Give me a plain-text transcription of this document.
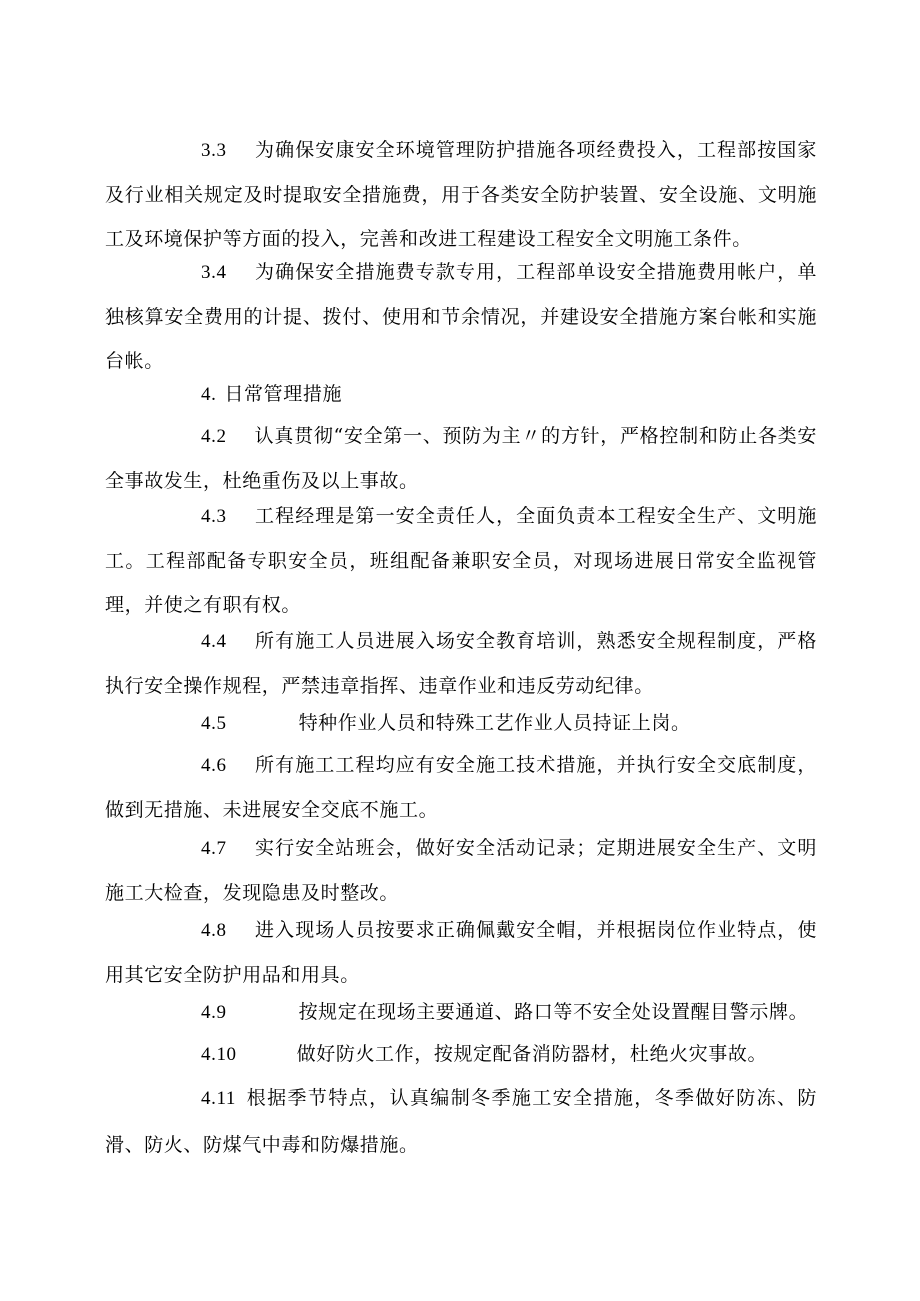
3.3 为确保安康安全环境管理防护措施各项经费投入，工程部按国家及行业相关规定及时提取安全措施费，用于各类安全防护装置、安全设施、文明施工及环境保护等方面的投入，完善和改进工程建设工程安全文明施工条件。

3.4 为确保安全措施费专款专用，工程部单设安全措施费用帐户，单独核算安全费用的计提、拨付、使用和节余情况，并建设安全措施方案台帐和实施台帐。

4. 日常管理措施

4.2 认真贯彻“安全第一、预防为主〃的方针，严格控制和防止各类安全事故发生，杜绝重伤及以上事故。

4.3 工程经理是第一安全责任人，全面负责本工程安全生产、文明施工。工程部配备专职安全员，班组配备兼职安全员，对现场进展日常安全监视管理，并使之有职有权。

4.4 所有施工人员进展入场安全教育培训，熟悉安全规程制度，严格执行安全操作规程，严禁违章指挥、违章作业和违反劳动纪律。

4.5	特种作业人员和特殊工艺作业人员持证上岗。

4.6 所有施工工程均应有安全施工技术措施，并执行安全交底制度，做到无措施、未进展安全交底不施工。

4.7 实行安全站班会，做好安全活动记录；定期进展安全生产、文明施工大检查，发现隐患及时整改。

4.8 进入现场人员按要求正确佩戴安全帽，并根据岗位作业特点，使用其它安全防护用品和用具。

4.9	按规定在现场主要通道、路口等不安全处设置醒目警示牌。

4.10	做好防火工作，按规定配备消防器材，杜绝火灾事故。

4.11 根据季节特点，认真编制冬季施工安全措施，冬季做好防冻、防滑、防火、防煤气中毒和防爆措施。
